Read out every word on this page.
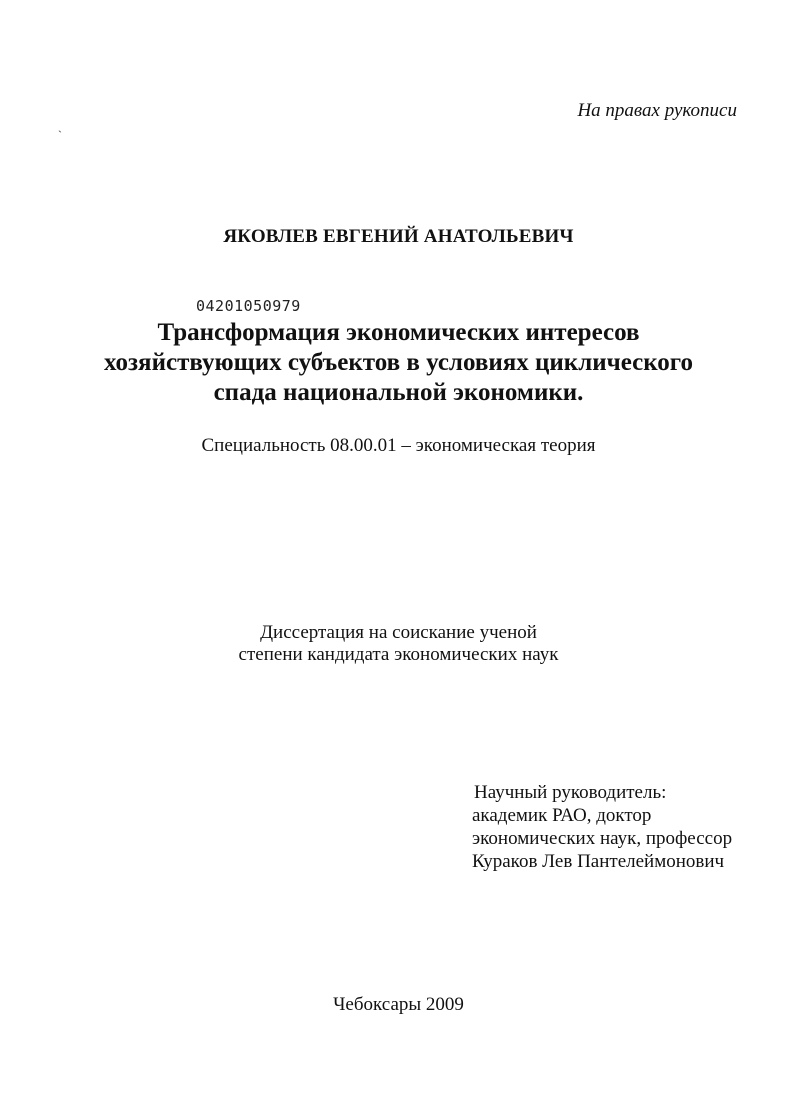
На правах рукописи
`
ЯКОВЛЕВ ЕВГЕНИЙ АНАТОЛЬЕВИЧ
04201050979
Трансформация экономических интересов
хозяйствующих субъектов в условиях циклического
спада национальной экономики.
Специальность 08.00.01 – экономическая теория
Диссертация на соискание ученой
степени кандидата экономических наук
Научный руководитель:
академик РАО, доктор
экономических наук, профессор
Кураков Лев Пантелеймонович
Чебоксары 2009
